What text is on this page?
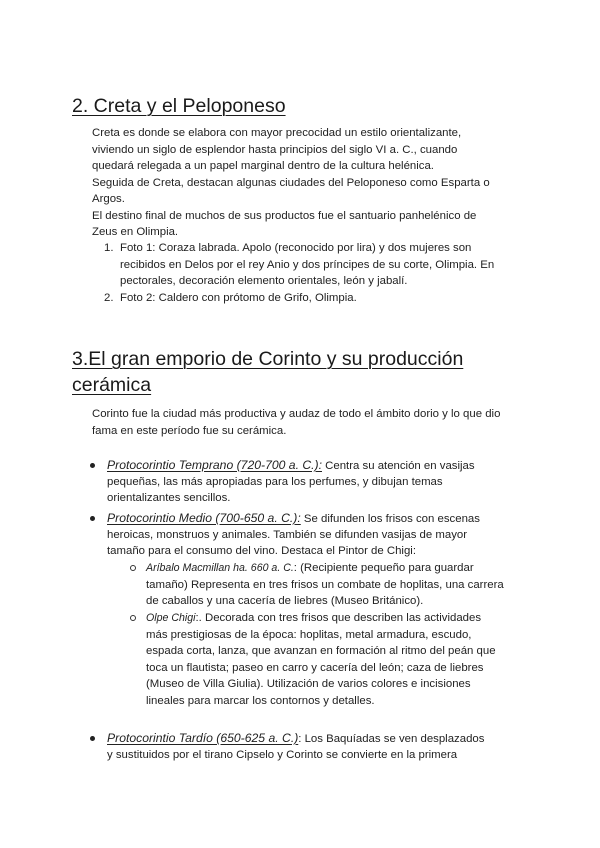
2. Creta y el Peloponeso

Creta es donde se elabora con mayor precocidad un estilo orientalizante,

viviendo un siglo de esplendor hasta principios del siglo VI a. C., cuando

quedará relegada a un papel marginal dentro de la cultura helénica.

Seguida de Creta, destacan algunas ciudades del Peloponeso como Esparta o

Argos.

El destino final de muchos de sus productos fue el santuario panhelénico de

Zeus en Olimpia.

1. Foto 1: Coraza labrada. Apolo (reconocido por lira) y dos mujeres son

recibidos en Delos por el rey Anio y dos príncipes de su corte, Olimpia. En

pectorales, decoración elemento orientales, león y jabalí.

2. Foto 2: Caldero con prótomo de Grifo, Olimpia.

3.El gran emporio de Corinto y su producción
cerámica

Corinto fue la ciudad más productiva y audaz de todo el ámbito dorio y lo que dio

fama en este período fue su cerámica.

Protocorintio Temprano (720-700 a. C.): Centra su atención en vasijas

pequeñas, las más apropiadas para los perfumes, y dibujan temas

orientalizantes sencillos.

Protocorintio Medio (700-650 a. C.): Se difunden los frisos con escenas

heroicas, monstruos y animales. También se difunden vasijas de mayor

tamaño para el consumo del vino. Destaca el Pintor de Chigi:

Aríbalo Macmillan ha. 660 a. C.: (Recipiente pequeño para guardar

tamaño) Representa en tres frisos un combate de hoplitas, una carrera

de caballos y una cacería de liebres (Museo Británico).

Olpe Chigi:. Decorada con tres frisos que describen las actividades

más prestigiosas de la época: hoplitas, metal armadura, escudo,

espada corta, lanza, que avanzan en formación al ritmo del peán que

toca un flautista; paseo en carro y cacería del león; caza de liebres

(Museo de Villa Giulia). Utilización de varios colores e incisiones

lineales para marcar los contornos y detalles.

Protocorintio Tardío (650-625 a. C.): Los Baquíadas se ven desplazados

y sustituidos por el tirano Cipselo y Corinto se convierte en la primera
